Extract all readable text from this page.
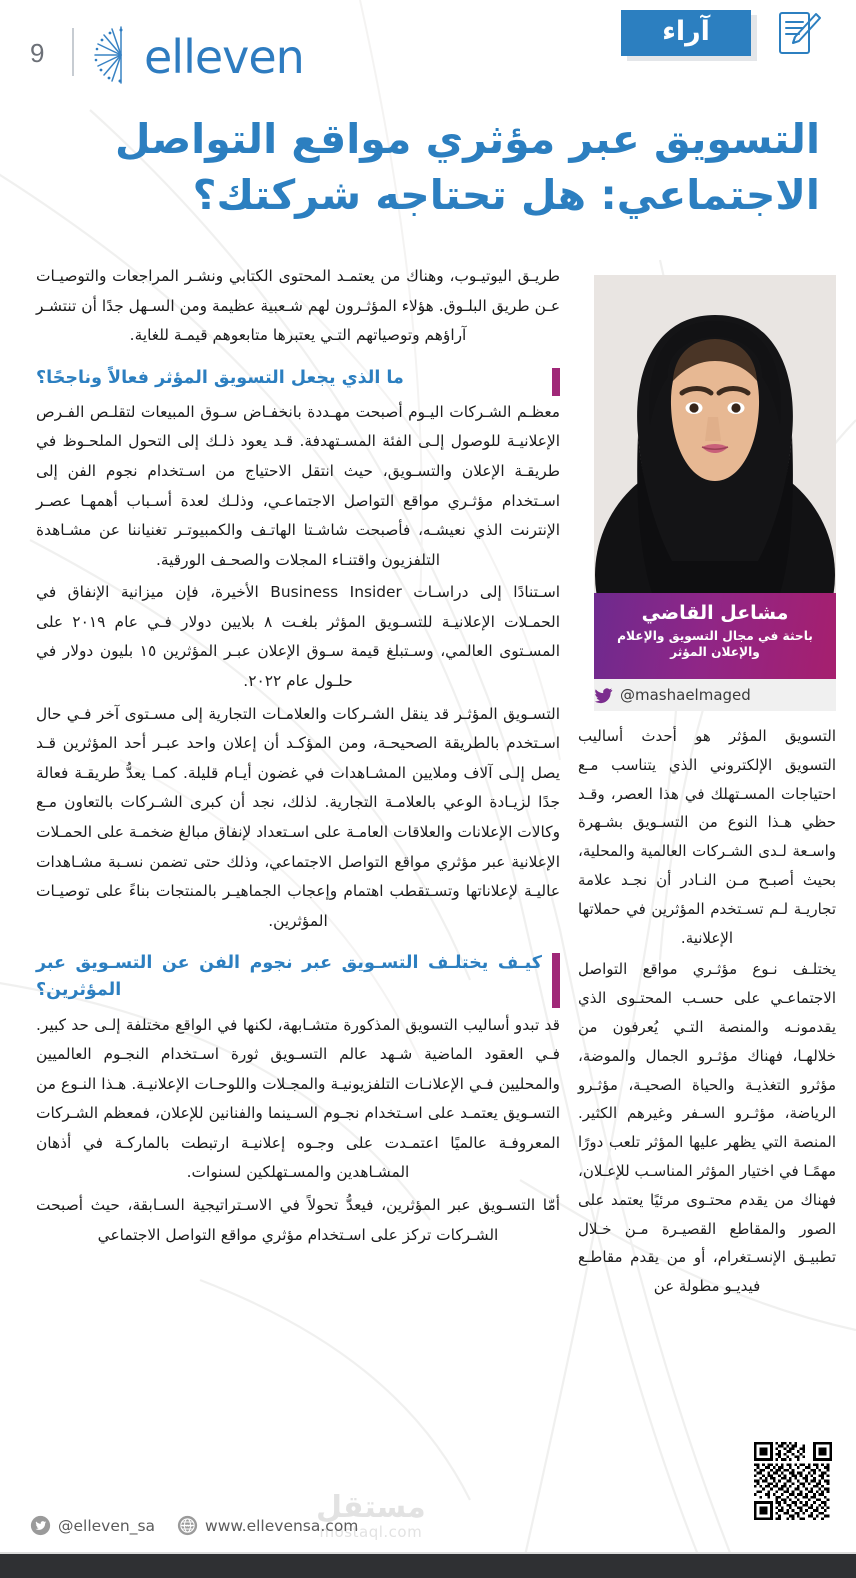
9 elleven	آراء
التسويق عبر مؤثري مواقع التواصل الاجتماعي: هل تحتاجه شركتك؟

طريـق اليوتيـوب، وهناك من يعتمـد المحتوى الكتابي ونشـر المراجعات والتوصيـات عـن طريق البلـوق. هؤلاء المؤثـرون لهم شـعبية عظيمة ومن السـهل جدًا أن تنتشـر آراؤهم وتوصياتهم التـي يعتبرها متابعوهم قيمـة للغاية.

ما الذي يجعل التسويق المؤثر فعالاً وناجحًا؟

معظـم الشـركات اليـوم أصبحت مهـددة بانخفـاض سـوق المبيعات لتقلـص الفـرص الإعلانيـة للوصول إلـى الفئة المسـتهدفة. قـد يعود ذلـك إلى التحول الملحـوظ في طريقـة الإعلان والتسـويق، حيث انتقل الاحتياج من اسـتخدام نجوم الفن إلى اسـتخدام مؤثـري مواقع التواصل الاجتماعـي، وذلـك لعدة أسـباب أهمهـا عصـر الإنترنت الذي نعيشـه، فأصبحت شاشـتا الهاتـف والكمبيوتـر تغنياننا عن مشـاهدة التلفزيون واقتنـاء المجلات والصحـف الورقية.

اسـتنادًا إلى دراسـات Business Insider الأخيرة، فإن ميزانية الإنفاق في الحمـلات الإعلانيـة للتسـويق المؤثر بلغـت ٨ بلايين دولار فـي عام ٢٠١٩ على المسـتوى العالمي، وسـتبلغ قيمة سـوق الإعلان عبـر المؤثرين ١٥ بليون دولار في حلـول عام ٢٠٢٢.

التسـويق المؤثـر قد ينقل الشـركات والعلامـات التجارية إلى مسـتوى آخر فـي حال اسـتخدم بالطريقة الصحيحـة، ومن المؤكـد أن إعلان واحد عبـر أحد المؤثرين قـد يصل إلـى آلاف وملايين المشـاهدات في غضون أيـام قليلة. كمـا يعدُّ طريقـة فعالة جدًا لزيـادة الوعي بالعلامـة التجارية. لذلك، نجد أن كبرى الشـركات بالتعاون مـع وكالات الإعلانات والعلاقات العامـة على اسـتعداد لإنفاق مبالغ ضخمـة على الحمـلات الإعلانية عبر مؤثري مواقع التواصل الاجتماعي، وذلك حتى تضمن نسـبة مشـاهدات عاليـة لإعلاناتها وتسـتقطب اهتمام وإعجاب الجماهيـر بالمنتجات بناءً على توصيـات المؤثرين.

كيـف يختلـف التسـويق عبر نجوم الفن عن التسـويق عبر المؤثرين؟

قد تبدو أساليب التسويق المذكورة متشـابهة، لكنها في الواقع مختلفة إلـى حد كبير. فـي العقود الماضية شـهد عالم التسـويق ثورة اسـتخدام النجـوم العالميين والمحليين فـي الإعلانـات التلفزيونيـة والمجـلات واللوحـات الإعلانيـة. هـذا النـوع من التسـويق يعتمـد على اسـتخدام نجـوم السـينما والفنانين للإعلان، فمعظم الشـركات المعروفـة عالميًا اعتمـدت على وجـوه إعلانيـة ارتبطت بالماركـة في أذهان المشـاهدين والمسـتهلكين لسنوات.

أمّا التسـويق عبر المؤثرين، فيعدُّ تحولاً في الاسـتراتيجية السـابقة، حيث أصبحت الشـركات تركز على اسـتخدام مؤثري مواقع التواصل الاجتماعي

مشاعل القاضي
باحثة في مجال التسويق والإعلام والإعلان المؤثر
@mashaelmaged

التسويق المؤثر هو أحدث أساليب التسويق الإلكتروني الذي يتناسب مـع احتياجات المسـتهلك في هذا العصر، وقـد حظي هـذا النوع من التسـويق بشـهرة واسـعة لـدى الشـركات العالمية والمحلية، بحيث أصبـح مـن النـادر أن نجـد علامة تجاريـة لـم تسـتخدم المؤثرين في حملاتها الإعلانية.

يختلـف نـوع مؤثـري مواقع التواصل الاجتماعـي على حسـب المحتـوى الذي يقدمونـه والمنصة التـي يُعرفون من خلالهـا، فهناك مؤثـرو الجمال والموضة، مؤثرو التغذيـة والحياة الصحيـة، مؤثـرو الرياضة، مؤثـرو السـفر وغيرهم الكثير. المنصة التي يظهر عليها المؤثر تلعب دورًا مهمًـا في اختيار المؤثر المناسـب للإعـلان، فهناك من يقدم محتـوى مرئيًا يعتمد على الصور والمقاطع القصيـرة مـن خـلال تطبيـق الإنسـتغرام، أو من يقدم مقاطـع فيديـو مطولة عن

مستقل
mostaql.com
@elleven_sa	www www.ellevensa.com
